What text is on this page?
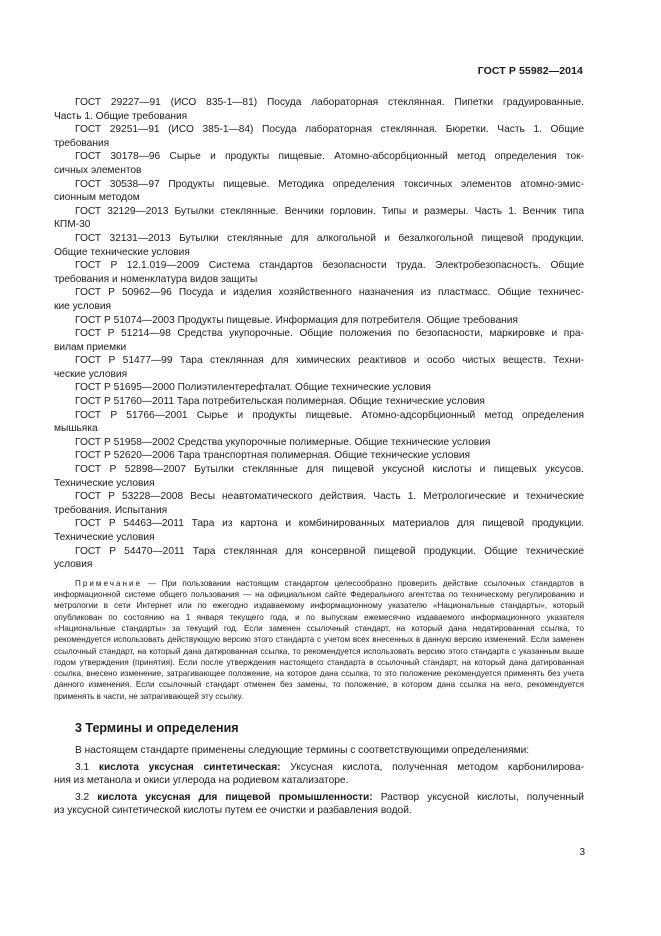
ГОСТ Р 55982—2014
ГОСТ 29227—91 (ИСО 835-1—81) Посуда лабораторная стеклянная. Пипетки градуированные.
Часть 1. Общие требования
ГОСТ 29251—91 (ИСО 385-1—84) Посуда лабораторная стеклянная. Бюретки. Часть 1. Общие
требования
ГОСТ 30178—96 Сырье и продукты пищевые. Атомно-абсорбционный метод определения ток-
сичных элементов
ГОСТ 30538—97 Продукты пищевые. Методика определения токсичных элементов атомно-эмис-
сионным методом
ГОСТ 32129—2013 Бутылки стеклянные. Венчики горловин. Типы и размеры. Часть 1. Венчик типа
КПМ-30
ГОСТ 32131—2013 Бутылки стеклянные для алкогольной и безалкогольной пищевой продукции.
Общие технические условия
ГОСТ Р 12.1.019—2009 Система стандартов безопасности труда. Электробезопасность. Общие
требования и номенклатура видов защиты
ГОСТ Р 50962—96 Посуда и изделия хозяйственного назначения из пластмасс. Общие техничес-
кие условия
ГОСТ Р 51074—2003 Продукты пищевые. Информация для потребителя. Общие требования
ГОСТ Р 51214—98 Средства укупорочные. Общие положения по безопасности, маркировке и пра-
вилам приемки
ГОСТ Р 51477—99 Тара стеклянная для химических реактивов и особо чистых веществ. Техни-
ческие условия
ГОСТ Р 51695—2000 Полиэтилентерефталат. Общие технические условия
ГОСТ Р 51760—2011 Тара потребительская полимерная. Общие технические условия
ГОСТ Р 51766—2001 Сырье и продукты пищевые. Атомно-адсорбционный метод определения
мышьяка
ГОСТ Р 51958—2002 Средства укупорочные полимерные. Общие технические условия
ГОСТ Р 52620—2006 Тара транспортная полимерная. Общие технические условия
ГОСТ Р 52898—2007 Бутылки стеклянные для пищевой уксусной кислоты и пищевых уксусов.
Технические условия
ГОСТ Р 53228—2008 Весы неавтоматического действия. Часть 1. Метрологические и технические
требования. Испытания
ГОСТ Р 54463—2011 Тара из картона и комбинированных материалов для пищевой продукции.
Технические условия
ГОСТ Р 54470—2011 Тара стеклянная для консервной пищевой продукции. Общие технические
условия
Примечание — При пользовании настоящим стандартом целесообразно проверить действие ссылочных стандартов в информационной системе общего пользования — на официальном сайте Федерального агентства по техническому регулированию и метрологии в сети Интернет или по ежегодно издаваемому информационному указателю «Национальные стандарты», который опубликован по состоянию на 1 января текущего года, и по выпускам ежемесячно издаваемого информационного указателя «Национальные стандарты» за текущий год. Если заменен ссылочный стандарт, на который дана недатированная ссылка, то рекомендуется использовать действующую версию этого стандарта с учетом всех внесенных в данную версию изменений. Если заменен ссылочный стандарт, на который дана датированная ссылка, то рекомендуется использовать версию этого стандарта с указанным выше годом утверждения (принятия). Если после утверждения настоящего стандарта в ссылочный стандарт, на который дана датированная ссылка, внесено изменение, затрагивающее положение, на которое дана ссылка, то это положение рекомендуется применять без учета данного изменения. Если ссылочный стандарт отменен без замены, то положение, в котором дана ссылка на него, рекомендуется применять в части, не затрагивающей эту ссылку.
3 Термины и определения
В настоящем стандарте применены следующие термины с соответствующими определениями:
3.1 кислота уксусная синтетическая: Уксусная кислота, полученная методом карбонилирова-
ния из метанола и окиси углерода на родиевом катализаторе.
3.2 кислота уксусная для пищевой промышленности: Раствор уксусной кислоты, полученный
из уксусной синтетической кислоты путем ее очистки и разбавления водой.
3
